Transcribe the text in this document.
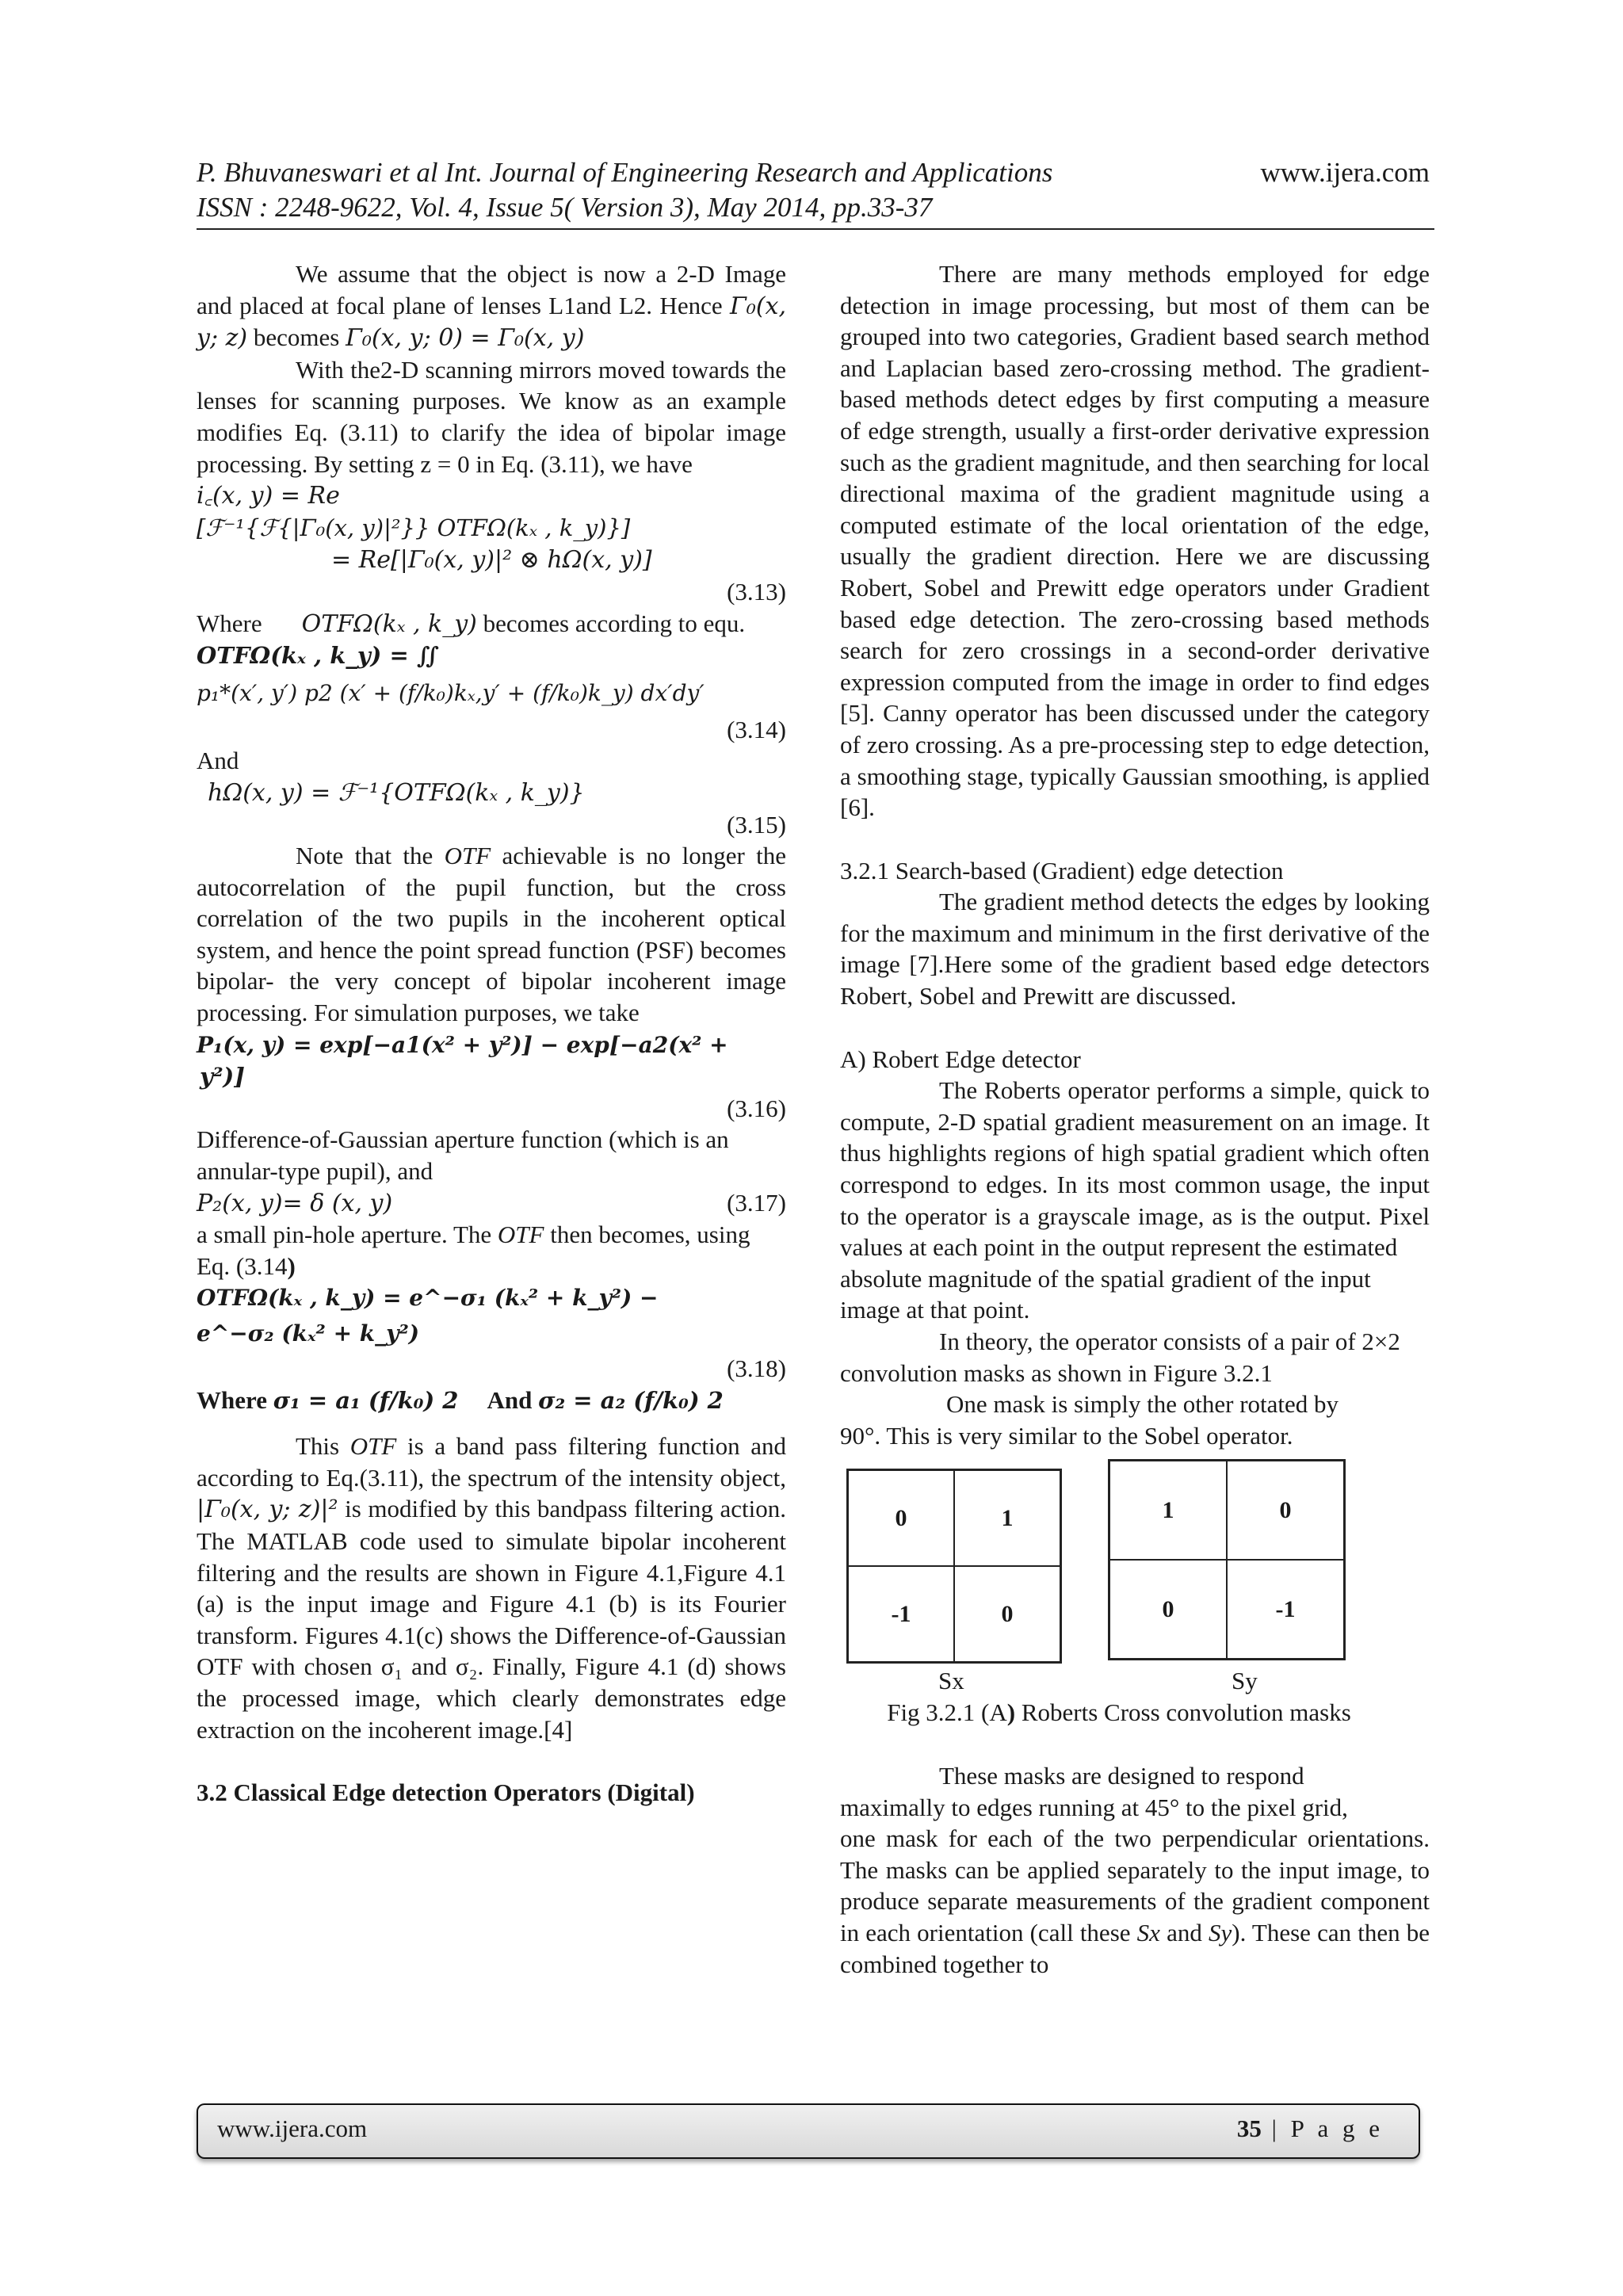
P. Bhuvaneswari et al Int. Journal of Engineering Research and Applications	www.ijera.com
ISSN : 2248-9622, Vol. 4, Issue 5( Version 3), May 2014, pp.33-37

We assume that the object is now a 2-D Image and placed at focal plane of lenses L1and L2. Hence Γ₀(x, y; z) becomes Γ₀(x, y; 0) = Γ₀(x, y)

With the2-D scanning mirrors moved towards the lenses for scanning purposes. We know as an example modifies Eq. (3.11) to clarify the idea of bipolar image processing. By setting z = 0 in Eq. (3.11), we have

i꜀(x, y) = Re

[ℱ⁻¹{ℱ{|Γ₀(x, y)|²}} OTFΩ(kₓ , k_y)}]

= Re[|Γ₀(x, y)|² ⊗ hΩ(x, y)]

(3.13)

Where OTFΩ(kₓ , k_y) becomes according to equ.

OTFΩ(kₓ , k_y) = ∬

p₁*(x′, y′) p2 (x′ + (f/k₀)kₓ,y′ + (f/k₀)k_y) dx′dy′

(3.14)

And

hΩ(x, y) = ℱ⁻¹{OTFΩ(kₓ , k_y)}

(3.15)

Note that the OTF achievable is no longer the autocorrelation of the pupil function, but the cross correlation of the two pupils in the incoherent optical system, and hence the point spread function (PSF) becomes bipolar- the very concept of bipolar incoherent image processing. For simulation purposes, we take

P₁(x, y) = exp[−a1(x² + y²)] − exp[−a2(x² +

y²)]

(3.16)

Difference-of-Gaussian aperture function (which is an annular-type pupil), and

P₂(x, y)= δ (x, y)	(3.17)

a small pin-hole aperture. The OTF then becomes, using Eq. (3.14)

OTFΩ(kₓ , k_y) = e^−σ₁ (kₓ² + k_y²) −

e^−σ₂ (kₓ² + k_y²)

(3.18)

Where σ₁ = a₁ (f/k₀) 2 And σ₂ = a₂ (f/k₀) 2

This OTF is a band pass filtering function and according to Eq.(3.11), the spectrum of the intensity object, |Γ₀(x, y; z)|² is modified by this bandpass filtering action. The MATLAB code used to simulate bipolar incoherent filtering and the results are shown in Figure 4.1,Figure 4.1 (a) is the input image and Figure 4.1 (b) is its Fourier transform. Figures 4.1(c) shows the Difference-of-Gaussian OTF with chosen σ₁ and σ₂. Finally, Figure 4.1 (d) shows the processed image, which clearly demonstrates edge extraction on the incoherent image.[4]

3.2 Classical Edge detection Operators (Digital)

There are many methods employed for edge detection in image processing, but most of them can be grouped into two categories, Gradient based search method and Laplacian based zero-crossing method. The gradient-based methods detect edges by first computing a measure of edge strength, usually a first-order derivative expression such as the gradient magnitude, and then searching for local directional maxima of the gradient magnitude using a computed estimate of the local orientation of the edge, usually the gradient direction. Here we are discussing Robert, Sobel and Prewitt edge operators under Gradient based edge detection. The zero-crossing based methods search for zero crossings in a second-order derivative expression computed from the image in order to find edges [5]. Canny operator has been discussed under the category of zero crossing. As a pre-processing step to edge detection, a smoothing stage, typically Gaussian smoothing, is applied [6].

3.2.1 Search-based (Gradient) edge detection

The gradient method detects the edges by looking for the maximum and minimum in the first derivative of the image [7].Here some of the gradient based edge detectors Robert, Sobel and Prewitt are discussed.

A) Robert Edge detector

The Roberts operator performs a simple, quick to compute, 2-D spatial gradient measurement on an image. It thus highlights regions of high spatial gradient which often correspond to edges. In its most common usage, the input to the operator is a grayscale image, as is the output. Pixel values at each point in the output represent the estimated

absolute magnitude of the spatial gradient of the input image at that point.

In theory, the operator consists of a pair of 2×2 convolution masks as shown in Figure 3.2.1

One mask is simply the other rotated by

90°. This is very similar to the Sobel operator.

0	1
-1	0
1	0
0	-1
Sx	Sy

Fig 3.2.1 (A) Roberts Cross convolution masks

These masks are designed to respond

maximally to edges running at 45° to the pixel grid,

one mask for each of the two perpendicular orientations. The masks can be applied separately to the input image, to produce separate measurements of the gradient component in each orientation (call these Sx and Sy). These can then be combined together to

www.ijera.com	35 | P a g e
